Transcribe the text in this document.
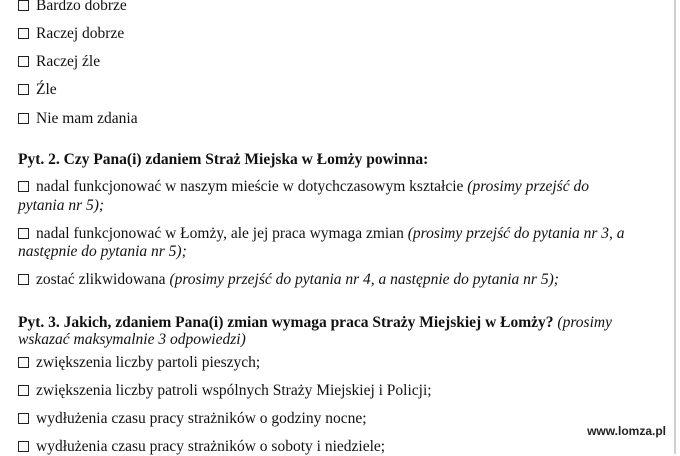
Bardzo dobrze
Raczej dobrze
Raczej źle
Źle
Nie mam zdania
Pyt. 2. Czy Pana(i) zdaniem Straż Miejska w Łomży powinna:
nadal funkcjonować w naszym mieście w dotychczasowym kształcie (prosimy przejść do
pytania nr 5);
nadal funkcjonować w Łomży, ale jej praca wymaga zmian (prosimy przejść do pytania nr 3, a
następnie do pytania nr 5);
zostać zlikwidowana (prosimy przejść do pytania nr 4, a następnie do pytania nr 5);
Pyt. 3. Jakich, zdaniem Pana(i) zmian wymaga praca Straży Miejskiej w Łomży? (prosimy
wskazać maksymalnie 3 odpowiedzi)
zwiększenia liczby partoli pieszych;
zwiększenia liczby patroli wspólnych Straży Miejskiej i Policji;
wydłużenia czasu pracy strażników o godziny nocne;
wydłużenia czasu pracy strażników o soboty i niedziele;
www.lomza.pl
